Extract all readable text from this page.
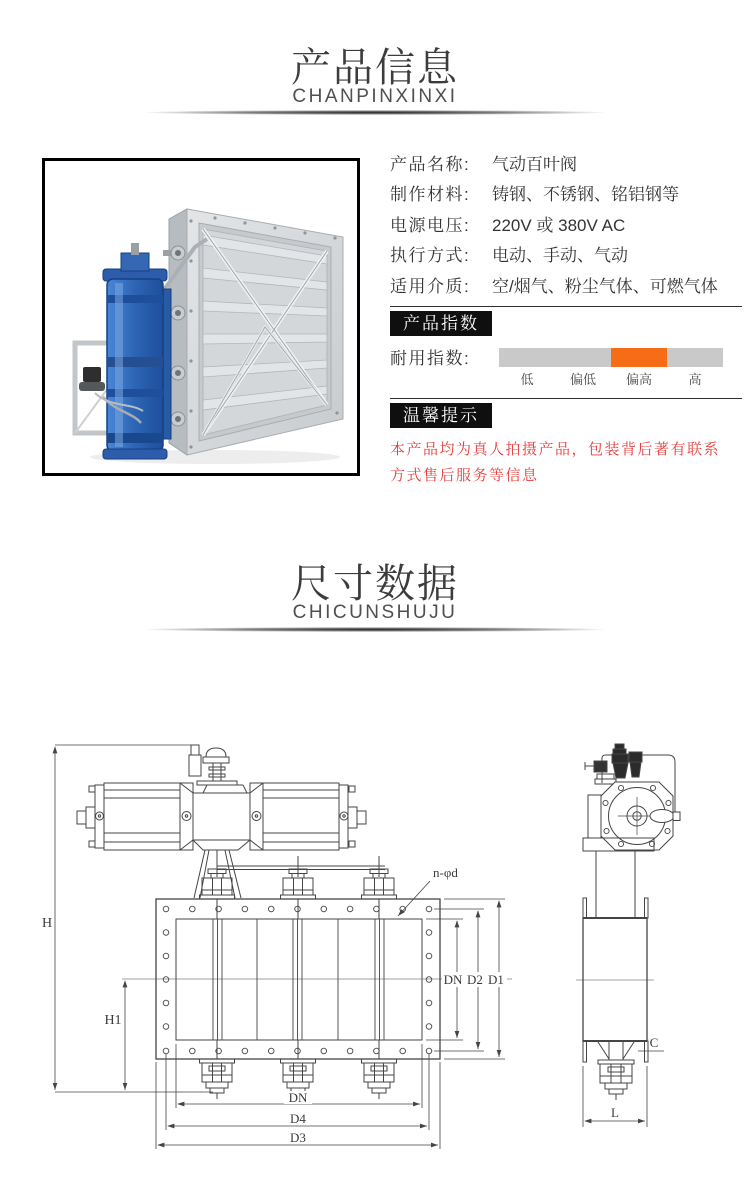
产品信息
CHANPINXINXI
产品名称: 气动百叶阀
制作材料: 铸钢、不锈钢、铭铝钢等
电源电压: 220V 或 380V AC
执行方式: 电动、手动、气动
适用介质: 空/烟气、粉尘气体、可燃气体
产品指数
耐用指数:
低	偏低	偏高	高
温馨提示
本产品均为真人拍摄产品，包装背后著有联系
方式售后服务等信息
尺寸数据
CHICUNSHUJU
H
H1
DN D2 D1
DN
D4
D3
n-φd
C
L
